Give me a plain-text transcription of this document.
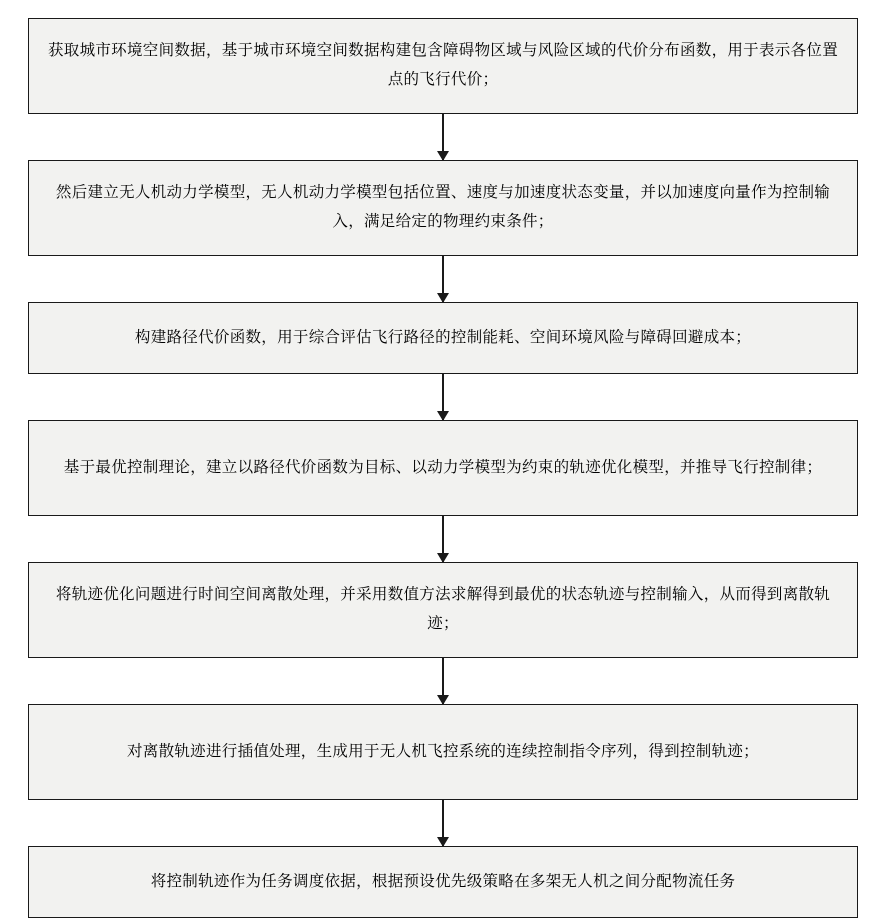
获取城市环境空间数据，基于城市环境空间数据构建包含障碍物区域与风险区域的代价分布函数，用于表示各位置点的飞行代价；
然后建立无人机动力学模型，无人机动力学模型包括位置、速度与加速度状态变量，并以加速度向量作为控制输入，满足给定的物理约束条件；
构建路径代价函数，用于综合评估飞行路径的控制能耗、空间环境风险与障碍回避成本；
基于最优控制理论，建立以路径代价函数为目标、以动力学模型为约束的轨迹优化模型，并推导飞行控制律；
将轨迹优化问题进行时间空间离散处理，并采用数值方法求解得到最优的状态轨迹与控制输入，从而得到离散轨迹；
对离散轨迹进行插值处理，生成用于无人机飞控系统的连续控制指令序列，得到控制轨迹；
将控制轨迹作为任务调度依据，根据预设优先级策略在多架无人机之间分配物流任务
